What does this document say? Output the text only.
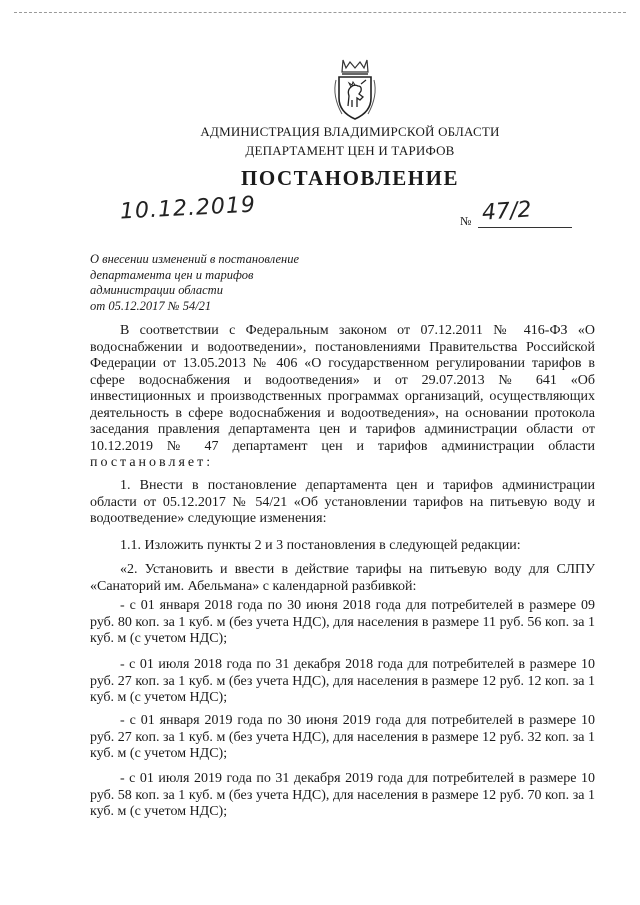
АДМИНИСТРАЦИЯ ВЛАДИМИРСКОЙ ОБЛАСТИ
ДЕПАРТАМЕНТ ЦЕН И ТАРИФОВ
ПОСТАНОВЛЕНИЕ
10.12.2019	№ 47/2
О внесении изменений в постановление
департамента цен и тарифов
администрации области
от 05.12.2017 № 54/21
В соответствии с Федеральным законом от 07.12.2011 № 416-ФЗ «О водоснабжении и водоотведении», постановлениями Правительства Российской Федерации от 13.05.2013 № 406 «О государственном регулировании тарифов в сфере водоснабжения и водоотведения» и от 29.07.2013 № 641 «Об инвестиционных и производственных программах организаций, осуществляющих деятельность в сфере водоснабжения и водоотведения», на основании протокола заседания правления департамента цен и тарифов администрации области от 10.12.2019 № 47 департамент цен и тарифов администрации области постановляет:
1. Внести в постановление департамента цен и тарифов администрации области от 05.12.2017 № 54/21 «Об установлении тарифов на питьевую воду и водоотведение» следующие изменения:
1.1. Изложить пункты 2 и 3 постановления в следующей редакции:
«2. Установить и ввести в действие тарифы на питьевую воду для СЛПУ «Санаторий им. Абельмана» с календарной разбивкой:
- с 01 января 2018 года по 30 июня 2018 года для потребителей в размере 09 руб. 80 коп. за 1 куб. м (без учета НДС), для населения в размере 11 руб. 56 коп. за 1 куб. м (с учетом НДС);
- с 01 июля 2018 года по 31 декабря 2018 года для потребителей в размере 10 руб. 27 коп. за 1 куб. м (без учета НДС), для населения в размере 12 руб. 12 коп. за 1 куб. м (с учетом НДС);
- с 01 января 2019 года по 30 июня 2019 года для потребителей в размере 10 руб. 27 коп. за 1 куб. м (без учета НДС), для населения в размере 12 руб. 32 коп. за 1 куб. м (с учетом НДС);
- с 01 июля 2019 года по 31 декабря 2019 года для потребителей в размере 10 руб. 58 коп. за 1 куб. м (без учета НДС), для населения в размере 12 руб. 70 коп. за 1 куб. м (с учетом НДС);
